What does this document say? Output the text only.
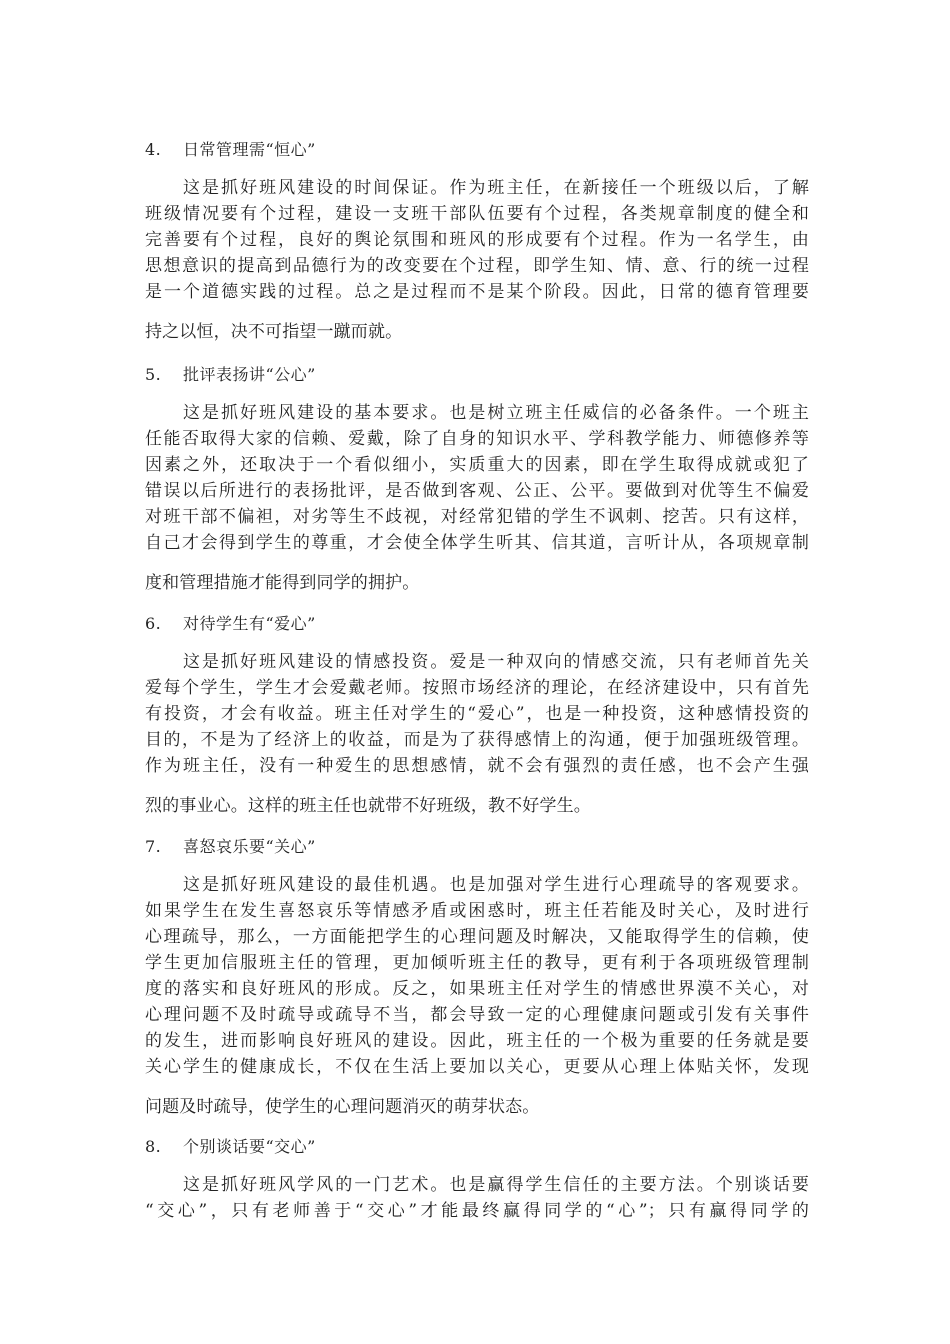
4. 日常管理需“恒心”
这是抓好班风建设的时间保证。作为班主任，在新接任一个班级以后，了解
班级情况要有个过程，建设一支班干部队伍要有个过程，各类规章制度的健全和
完善要有个过程，良好的舆论氛围和班风的形成要有个过程。作为一名学生，由
思想意识的提高到品德行为的改变要在个过程，即学生知、情、意、行的统一过程
是一个道德实践的过程。总之是过程而不是某个阶段。因此，日常的德育管理要
持之以恒，决不可指望一蹴而就。
5. 批评表扬讲“公心”
这是抓好班风建设的基本要求。也是树立班主任威信的必备条件。一个班主
任能否取得大家的信赖、爱戴，除了自身的知识水平、学科教学能力、师德修养等
因素之外，还取决于一个看似细小，实质重大的因素，即在学生取得成就或犯了
错误以后所进行的表扬批评，是否做到客观、公正、公平。要做到对优等生不偏爱
对班干部不偏袒，对劣等生不歧视，对经常犯错的学生不讽刺、挖苦。只有这样，
自己才会得到学生的尊重，才会使全体学生听其、信其道，言听计从，各项规章制
度和管理措施才能得到同学的拥护。
6. 对待学生有“爱心”
这是抓好班风建设的情感投资。爱是一种双向的情感交流，只有老师首先关
爱每个学生，学生才会爱戴老师。按照市场经济的理论，在经济建设中，只有首先
有投资，才会有收益。班主任对学生的“爱心”，也是一种投资，这种感情投资的
目的，不是为了经济上的收益，而是为了获得感情上的沟通，便于加强班级管理。
作为班主任，没有一种爱生的思想感情，就不会有强烈的责任感，也不会产生强
烈的事业心。这样的班主任也就带不好班级，教不好学生。
7. 喜怒哀乐要“关心”
这是抓好班风建设的最佳机遇。也是加强对学生进行心理疏导的客观要求。
如果学生在发生喜怒哀乐等情感矛盾或困惑时，班主任若能及时关心，及时进行
心理疏导，那么，一方面能把学生的心理问题及时解决，又能取得学生的信赖，使
学生更加信服班主任的管理，更加倾听班主任的教导，更有利于各项班级管理制
度的落实和良好班风的形成。反之，如果班主任对学生的情感世界漠不关心，对
心理问题不及时疏导或疏导不当，都会导致一定的心理健康问题或引发有关事件
的发生，进而影响良好班风的建设。因此，班主任的一个极为重要的任务就是要
关心学生的健康成长，不仅在生活上要加以关心，更要从心理上体贴关怀，发现
问题及时疏导，使学生的心理问题消灭的萌芽状态。
8. 个别谈话要“交心”
这是抓好班风学风的一门艺术。也是赢得学生信任的主要方法。个别谈话要
“交心”，只有老师善于“交心”才能最终赢得同学的“心”；只有赢得同学的
